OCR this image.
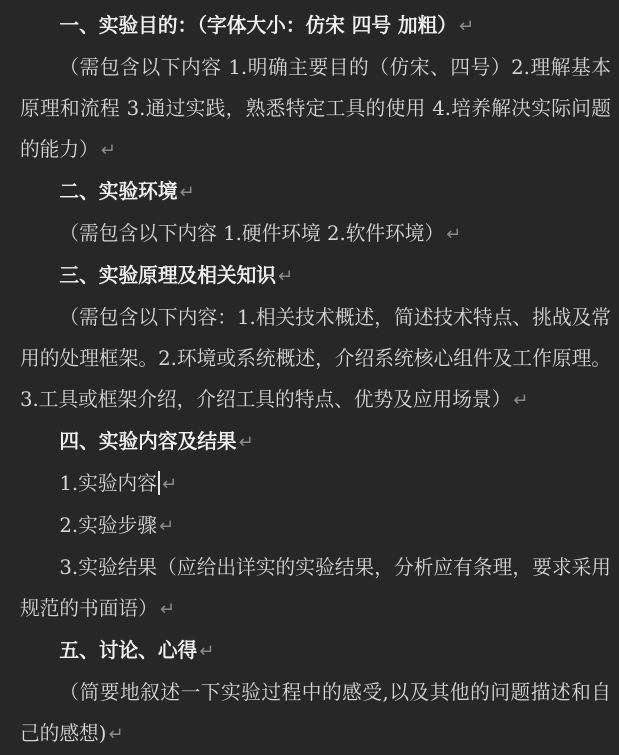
一、实验目的：（字体大小：仿宋 四号 加粗） ↵

（需包含以下内容 1.明确主要目的（仿宋、四号）2.理解基本原理和流程 3.通过实践，熟悉特定工具的使用 4.培养解决实际问题的能力） ↵

二、实验环境 ↵

（需包含以下内容 1.硬件环境 2.软件环境） ↵

三、实验原理及相关知识 ↵

（需包含以下内容：1.相关技术概述，简述技术特点、挑战及常用的处理框架。2.环境或系统概述，介绍系统核心组件及工作原理。3.工具或框架介绍，介绍工具的特点、优势及应用场景） ↵

四、实验内容及结果 ↵

1.实验内容 ↵

2.实验步骤 ↵

3.实验结果（应给出详实的实验结果，分析应有条理，要求采用规范的书面语） ↵

五、讨论、心得 ↵

（简要地叙述一下实验过程中的感受,以及其他的问题描述和自己的感想) ↵
